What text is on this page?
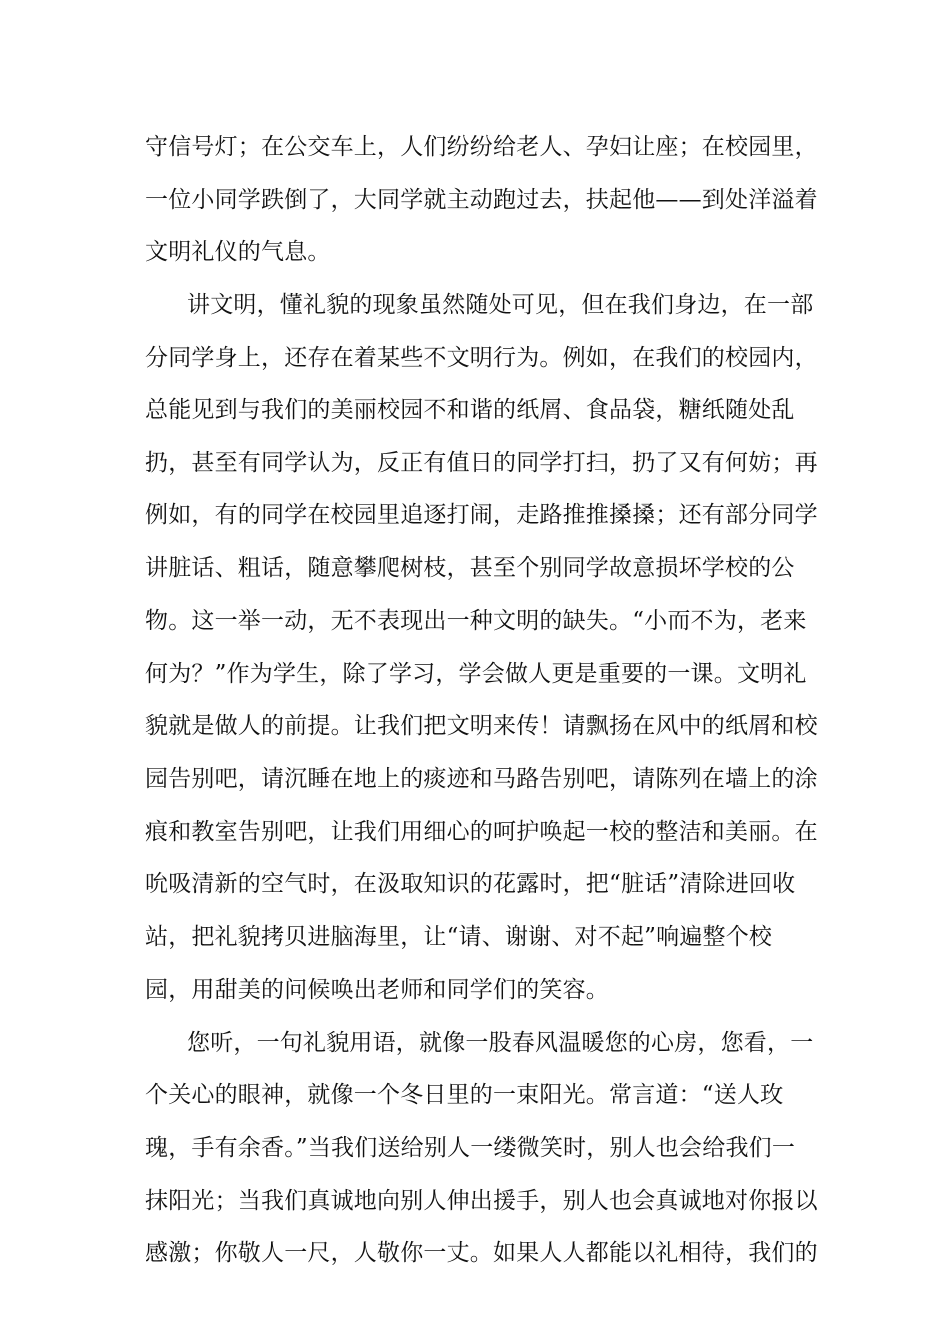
守信号灯；在公交车上，人们纷纷给老人、孕妇让座；在校园里，
一位小同学跌倒了，大同学就主动跑过去，扶起他——到处洋溢着
文明礼仪的气息。
讲文明，懂礼貌的现象虽然随处可见，但在我们身边，在一部
分同学身上，还存在着某些不文明行为。例如，在我们的校园内，
总能见到与我们的美丽校园不和谐的纸屑、食品袋，糖纸随处乱
扔，甚至有同学认为，反正有值日的同学打扫，扔了又有何妨；再
例如，有的同学在校园里追逐打闹，走路推推搡搡；还有部分同学
讲脏话、粗话，随意攀爬树枝，甚至个别同学故意损坏学校的公
物。这一举一动，无不表现出一种文明的缺失。“小而不为，老来
何为？”作为学生，除了学习，学会做人更是重要的一课。文明礼
貌就是做人的前提。让我们把文明来传！请飘扬在风中的纸屑和校
园告别吧，请沉睡在地上的痰迹和马路告别吧，请陈列在墙上的涂
痕和教室告别吧，让我们用细心的呵护唤起一校的整洁和美丽。在
吮吸清新的空气时，在汲取知识的花露时，把“脏话”清除进回收
站，把礼貌拷贝进脑海里，让“请、谢谢、对不起”响遍整个校
园，用甜美的问候唤出老师和同学们的笑容。
您听，一句礼貌用语，就像一股春风温暖您的心房，您看，一
个关心的眼神，就像一个冬日里的一束阳光。常言道：“送人玫
瑰，手有余香。”当我们送给别人一缕微笑时，别人也会给我们一
抹阳光；当我们真诚地向别人伸出援手，别人也会真诚地对你报以
感激；你敬人一尺，人敬你一丈。如果人人都能以礼相待，我们的
